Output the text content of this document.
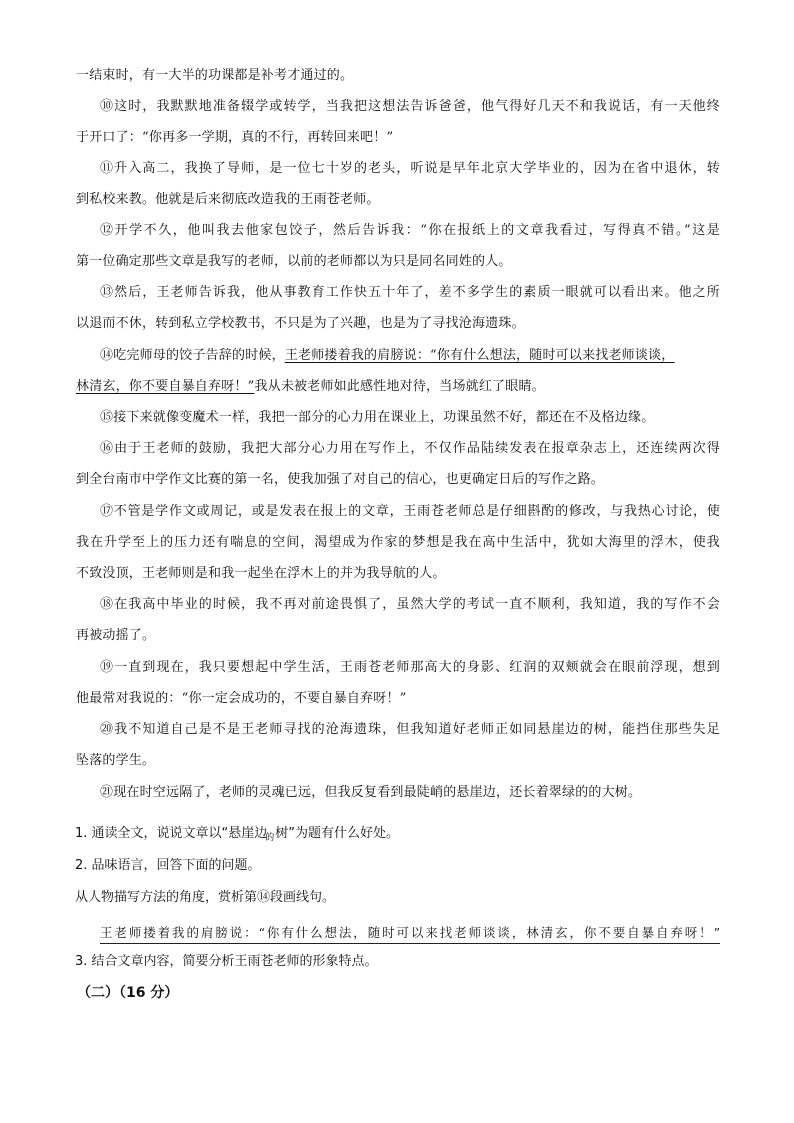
一结束时，有一大半的功课都是补考才通过的。
⑩这时，我默默地准备辍学或转学，当我把这想法告诉爸爸，他气得好几天不和我说话，有一天他终
于开口了：“你再多一学期，真的不行，再转回来吧！”
⑪升入高二，我换了导师，是一位七十岁的老头，听说是早年北京大学毕业的，因为在省中退休，转
到私校来教。他就是后来彻底改造我的王雨苍老师。
⑫开学不久，他叫我去他家包饺子，然后告诉我：“你在报纸上的文章我看过，写得真不错。”这是
第一位确定那些文章是我写的老师，以前的老师都以为只是同名同姓的人。
⑬然后，王老师告诉我，他从事教育工作快五十年了，差不多学生的素质一眼就可以看出来。他之所
以退而不休，转到私立学校教书，不只是为了兴趣，也是为了寻找沧海遗珠。
⑭吃完师母的饺子告辞的时候，王老师搂着我的肩膀说：“你有什么想法，随时可以来找老师谈谈，
林清玄，你不要自暴自弃呀！”我从未被老师如此感性地对待，当场就红了眼睛。
⑮接下来就像变魔术一样，我把一部分的心力用在课业上，功课虽然不好，都还在不及格边缘。
⑯由于王老师的鼓励，我把大部分心力用在写作上，不仅作品陆续发表在报章杂志上，还连续两次得
到全台南市中学作文比赛的第一名，使我加强了对自己的信心，也更确定日后的写作之路。
⑰不管是学作文或周记，或是发表在报上的文章，王雨苍老师总是仔细斟酌的修改，与我热心讨论，使
我在升学至上的压力还有喘息的空间，渴望成为作家的梦想是我在高中生活中，犹如大海里的浮木，使我
不致没顶，王老师则是和我一起坐在浮木上的并为我导航的人。
⑱在我高中毕业的时候，我不再对前途畏惧了，虽然大学的考试一直不顺利，我知道，我的写作不会
再被动摇了。
⑲一直到现在，我只要想起中学生活，王雨苍老师那高大的身影、红润的双颊就会在眼前浮现，想到
他最常对我说的：“你一定会成功的，不要自暴自弃呀！”
⑳我不知道自己是不是王老师寻找的沧海遗珠，但我知道好老师正如同悬崖边的树，能挡住那些失足
坠落的学生。
㉑现在时空远隔了，老师的灵魂已远，但我反复看到最陡峭的悬崖边，还长着翠绿的的大树。
1. 通读全文，说说文章以“悬崖边
的 树”为题有什么好处。
2. 品味语言，回答下面的问题。
从人物描写方法的角度，赏析第⑭段画线句。
王老师搂着我的肩膀说：“你有什么想法，随时可以来找老师谈谈，林清玄，你不要自暴自弃呀！”
3. 结合文章内容，简要分析王雨苍老师的形象特点。
（二）（16 分）
